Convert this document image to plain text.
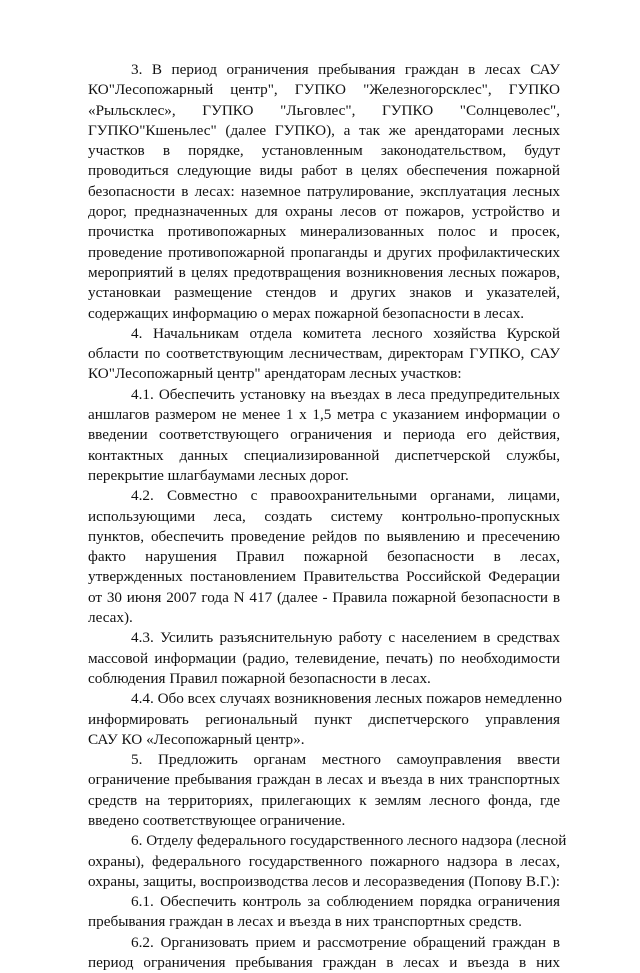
3. В период ограничения пребывания граждан в лесах САУ
КО"Лесопожарный центр", ГУПКО "Железногорсклес", ГУПКО
«Рыльсклес», ГУПКО "Льговлес", ГУПКО "Солнцеволес",
ГУПКО"Кшеньлес" (далее ГУПКО), а так же арендаторами лесных
участков в порядке, установленным законодательством, будут
проводиться следующие виды работ в целях обеспечения пожарной
безопасности в лесах: наземное патрулирование, эксплуатация лесных
дорог, предназначенных для охраны лесов от пожаров, устройство и
прочистка противопожарных минерализованных полос и просек,
проведение противопожарной пропаганды и других профилактических
мероприятий в целях предотвращения возникновения лесных пожаров,
установкаи размещение стендов и других знаков и указателей,
содержащих информацию о мерах пожарной безопасности в лесах.

4. Начальникам отдела комитета лесного хозяйства Курской
области по соответствующим лесничествам, директорам ГУПКО, САУ
КО"Лесопожарный центр" арендаторам лесных участков:

4.1. Обеспечить установку на въездах в леса предупредительных
аншлагов размером не менее 1 х 1,5 метра с указанием информации о
введении соответствующего ограничения и периода его действия,
контактных данных специализированной диспетчерской службы,
перекрытие шлагбаумами лесных дорог.

4.2. Совместно с правоохранительными органами, лицами,
использующими леса, создать системy контрольно-пропускных
пунктов, обеспечить проведение рейдов по выявлению и пресечению
факто нарушения Правил пожарной безопасности в лесах,
утвержденных постановлением Правительства Российской Федерации
от 30 июня 2007 года N 417 (далее - Правила пожарной безопасности в
лесах).

4.3. Усилить разъяснительную работу с населением в средствах
массовой информации (радио, телевидение, печать) по необходимости
соблюдения Правил пожарной безопасности в лесах.

4.4. Обо всех случаях возникновения лесных пожаров немедленно
информировать региональный пункт диспетчерского управления
САУ КО «Лесопожарный центр».

5. Предложить органам местного самоуправления ввести
ограничение пребывания граждан в лесах и въезда в них транспортных
средств на территориях, прилегающих к землям лесного фонда, где
введено соответствующее ограничение.

6. Отделу федерального государственного лесного надзора (лесной
охраны), федерального государственного пожарного надзора в лесах,
охраны, защиты, воспроизводства лесов и лесоразведения (Попову В.Г.):

6.1. Обеспечить контроль за соблюдением порядка ограничения
пребывания граждан в лесах и въезда в них транспортных средств.

6.2. Организовать прием и рассмотрение обращений граждан в
период ограничения пребывания граждан в лесах и въезда в них
